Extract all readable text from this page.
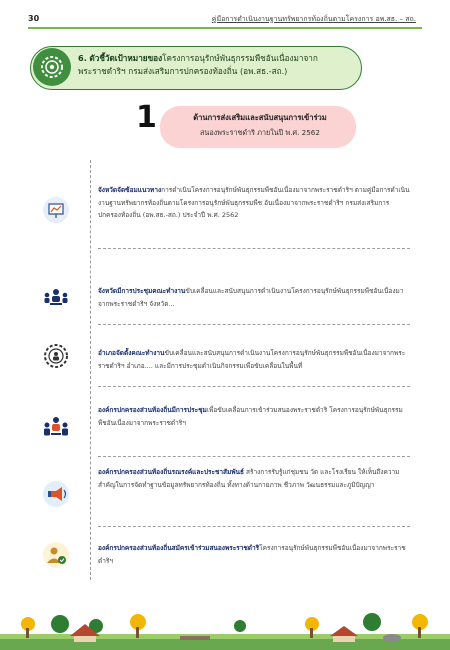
30	คู่มือการดำเนินงานฐานทรัพยากรท้องถิ่นตามโครงการ อพ.สธ. – สถ.
6. ตัวชี้วัดเป้าหมายของโครงการอนุรักษ์พันธุกรรมพืชอันเนื่องมาจาก
พระราชดำริฯ กรมส่งเสริมการปกครองท้องถิ่น (อพ.สธ.-สถ.)
1	ด้านการส่งเสริมและสนับสนุนการเข้าร่วม
สนองพระราชดำริ ภายในปี พ.ศ. 2562
จังหวัดจัดซ้อมแนวทางการดำเนินโครงการอนุรักษ์พันธุกรรมพืชอันเนื่องมาจากพระราชดำริฯ ตามคู่มือการดำเนินงานฐานทรัพยากรท้องถิ่นตามโครงการอนุรักษ์พันธุกรรมพืช อันเนื่องมาจากพระราชดำริฯ กรมส่งเสริมการปกครองท้องถิ่น (อพ.สธ.-สถ.) ประจำปี พ.ศ. 2562
จังหวัดมีการประชุมคณะทำงานขับเคลื่อนและสนับสนุนการดำเนินงานโครงการอนุรักษ์พันธุกรรมพืชอันเนื่องมาจากพระราชดำริฯ จังหวัด...
อำเภอจัดตั้งคณะทำงานขับเคลื่อนและสนับสนุนการดำเนินงานโครงการอนุรักษ์พันธุกรรมพืชอันเนื่องมาจากพระราชดำริฯ อำเภอ.... และมีการประชุมดำเนินกิจกรรมเพื่อขับเคลื่อนในพื้นที่
องค์กรปกครองส่วนท้องถิ่นมีการประชุมเพื่อขับเคลื่อนการเข้าร่วมสนองพระราชดำริ โครงการอนุรักษ์พันธุกรรมพืชอันเนื่องมาจากพระราชดำริฯ
องค์กรปกครองส่วนท้องถิ่นรณรงค์และประชาสัมพันธ์ สร้างการรับรู้แก่ชุมชน วัด และโรงเรียน ให้เห็นถึงความสำคัญในการจัดทำฐานข้อมูลทรัพยากรท้องถิ่น ทั้งทางด้านกายภาพ ชีวภาพ วัฒนธรรมและภูมิปัญญา
องค์กรปกครองส่วนท้องถิ่นสมัครเข้าร่วมสนองพระราชดำริโครงการอนุรักษ์พันธุกรรมพืชอันเนื่องมาจากพระราชดำริฯ
